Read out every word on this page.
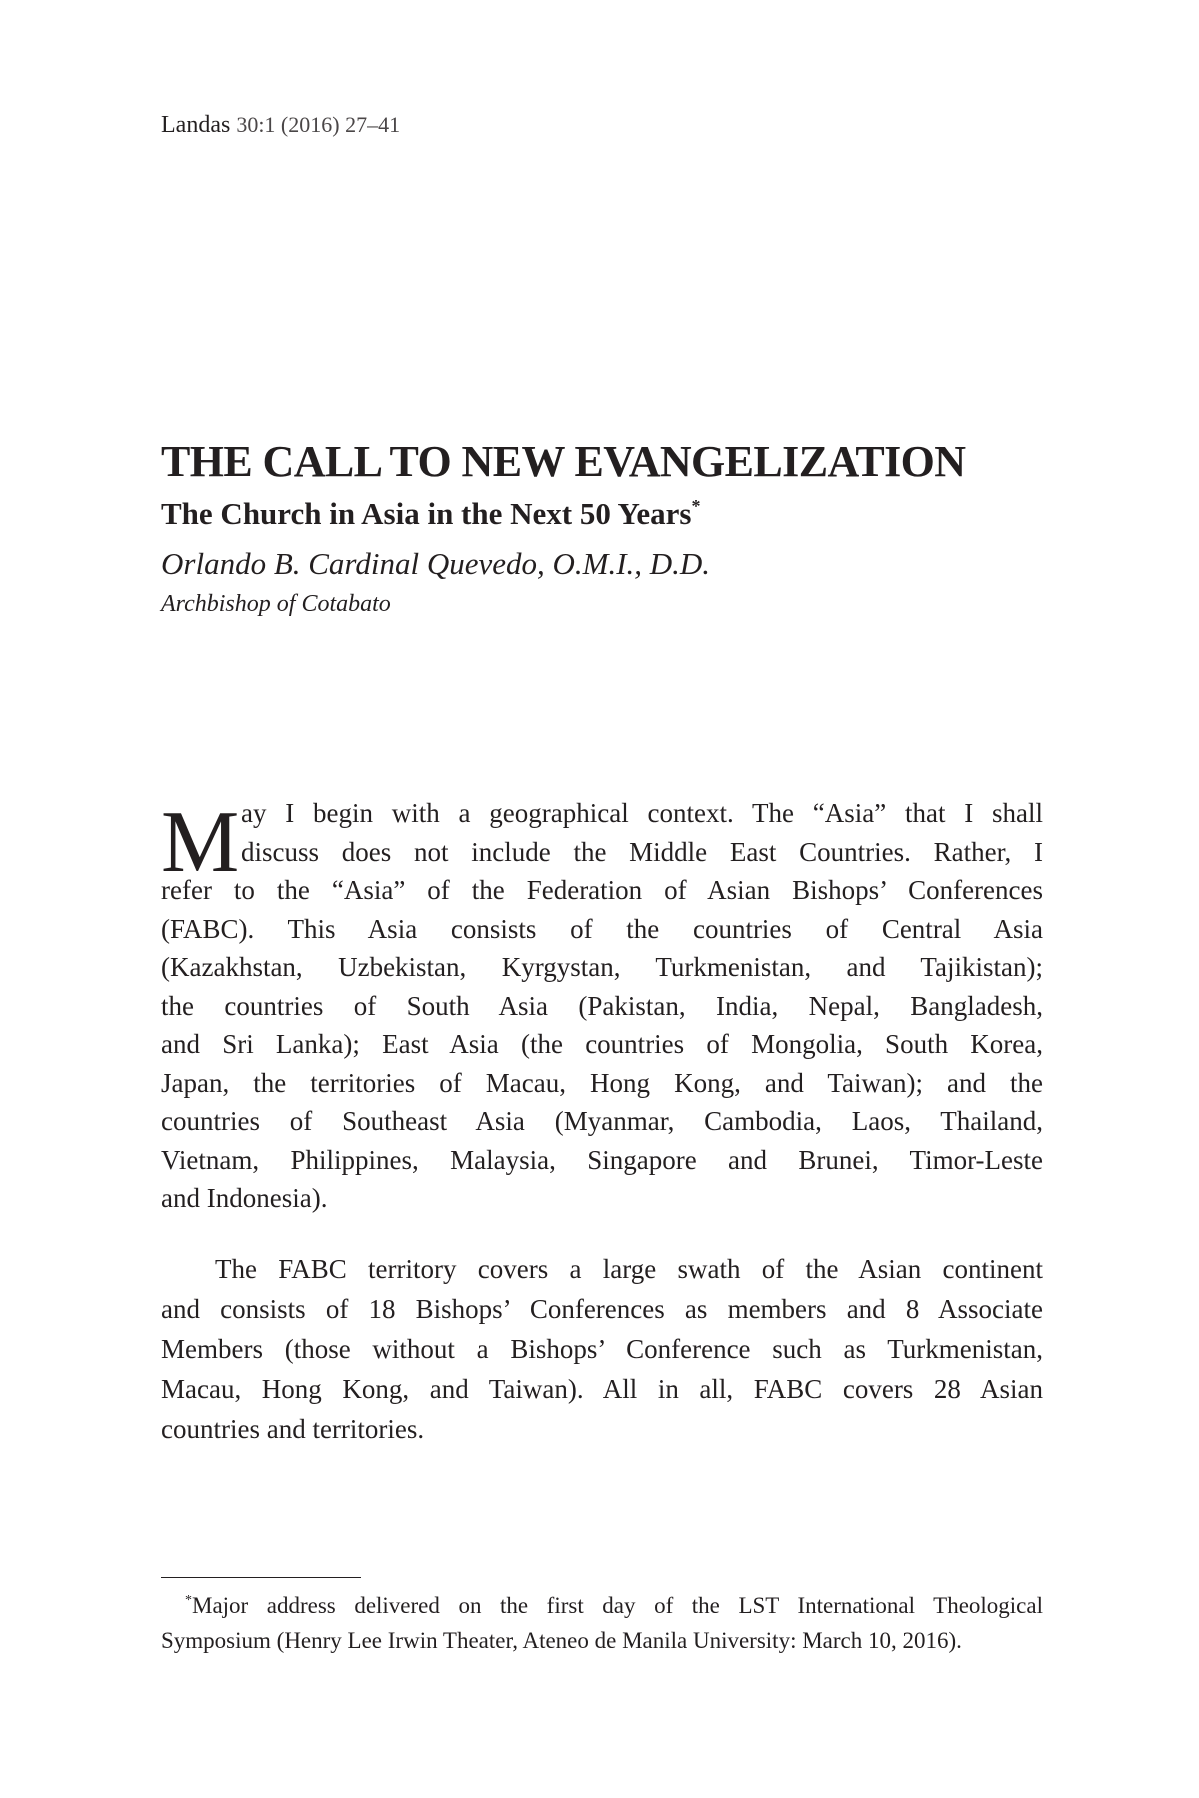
Landas 30:1 (2016) 27–41
THE CALL TO NEW EVANGELIZATION
The Church in Asia in the Next 50 Years*
Orlando B. Cardinal Quevedo, O.M.I., D.D.
Archbishop of Cotabato
M ay I begin with a geographical context. The “Asia” that I shall
discuss does not include the Middle East Countries. Rather, I
refer to the “Asia” of the Federation of Asian Bishops’ Conferences
(FABC). This Asia consists of the countries of Central Asia
(Kazakhstan, Uzbekistan, Kyrgystan, Turkmenistan, and Tajikistan);
the countries of South Asia (Pakistan, India, Nepal, Bangladesh,
and Sri Lanka); East Asia (the countries of Mongolia, South Korea,
Japan, the territories of Macau, Hong Kong, and Taiwan); and the
countries of Southeast Asia (Myanmar, Cambodia, Laos, Thailand,
Vietnam, Philippines, Malaysia, Singapore and Brunei, Timor-Leste
and Indonesia).
The FABC territory covers a large swath of the Asian continent
and consists of 18 Bishops’ Conferences as members and 8 Associate
Members (those without a Bishops’ Conference such as Turkmenistan,
Macau, Hong Kong, and Taiwan). All in all, FABC covers 28 Asian
countries and territories.
*Major address delivered on the first day of the LST International Theological
Symposium (Henry Lee Irwin Theater, Ateneo de Manila University: March 10, 2016).
